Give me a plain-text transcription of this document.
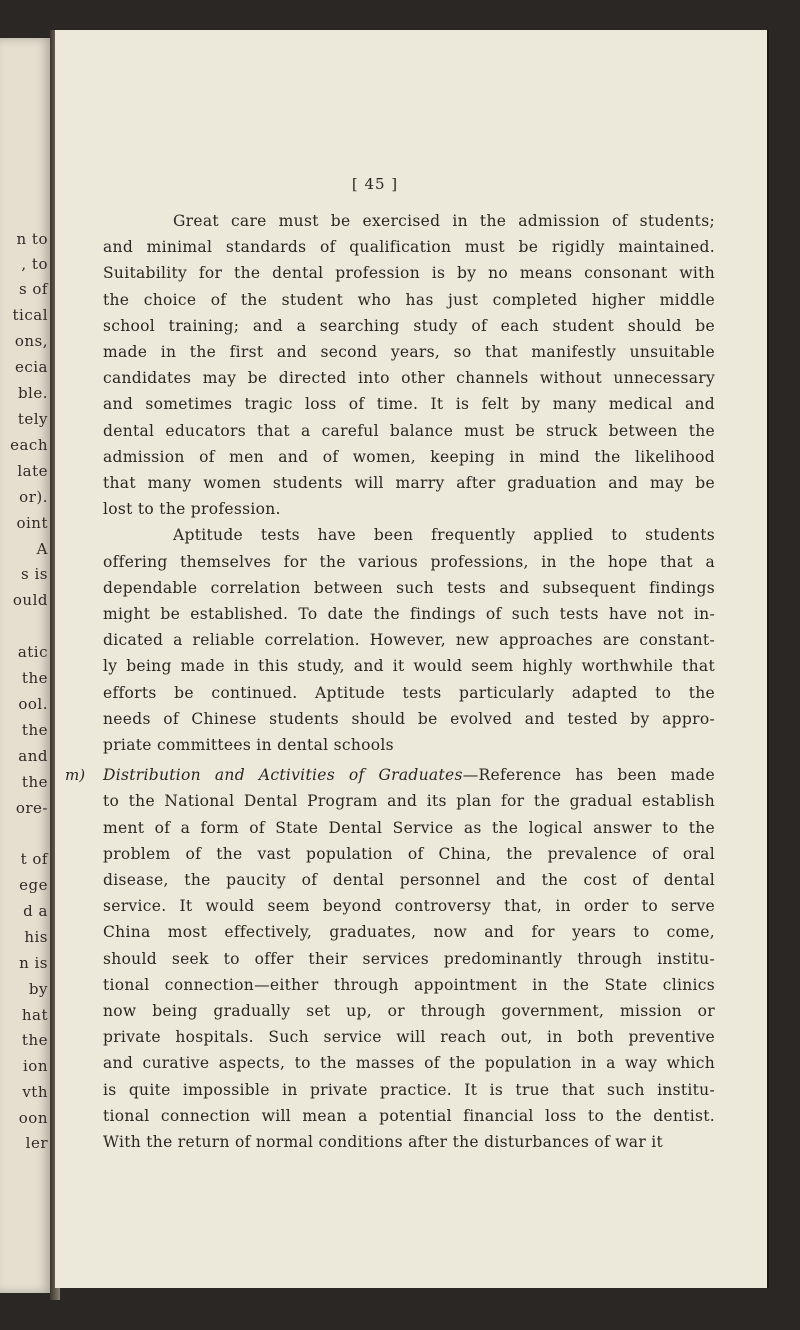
n to
, to
s of
tical
ons,
ecia
ble.
tely
each
late
or).
oint
A
s is
ould
atic
the
ool.
the
and
the
ore-
t of
ege
d a
his
n is
by
hat
the
ion
vth
oon
ler
[ 45 ]
m)
Great care must be exercised in the admission of students;
and minimal standards of qualification must be rigidly maintained.
Suitability for the dental profession is by no means consonant with
the choice of the student who has just completed higher middle
school training; and a searching study of each student should be
made in the first and second years, so that manifestly unsuitable
candidates may be directed into other channels without unnecessary
and sometimes tragic loss of time. It is felt by many medical and
dental educators that a careful balance must be struck between the
admission of men and of women, keeping in mind the likelihood
that many women students will marry after graduation and may be
lost to the profession.
Aptitude tests have been frequently applied to students
offering themselves for the various professions, in the hope that a
dependable correlation between such tests and subsequent findings
might be established. To date the findings of such tests have not in-
dicated a reliable correlation. However, new approaches are constant-
ly being made in this study, and it would seem highly worthwhile that
efforts be continued. Aptitude tests particularly adapted to the
needs of Chinese students should be evolved and tested by appro-
priate committees in dental schools
Distribution and Activities of Graduates—Reference has been made
to the National Dental Program and its plan for the gradual establish
ment of a form of State Dental Service as the logical answer to the
problem of the vast population of China, the prevalence of oral
disease, the paucity of dental personnel and the cost of dental
service. It would seem beyond controversy that, in order to serve
China most effectively, graduates, now and for years to come,
should seek to offer their services predominantly through institu-
tional connection—either through appointment in the State clinics
now being gradually set up, or through government, mission or
private hospitals. Such service will reach out, in both preventive
and curative aspects, to the masses of the population in a way which
is quite impossible in private practice. It is true that such institu-
tional connection will mean a potential financial loss to the dentist.
With the return of normal conditions after the disturbances of war it
